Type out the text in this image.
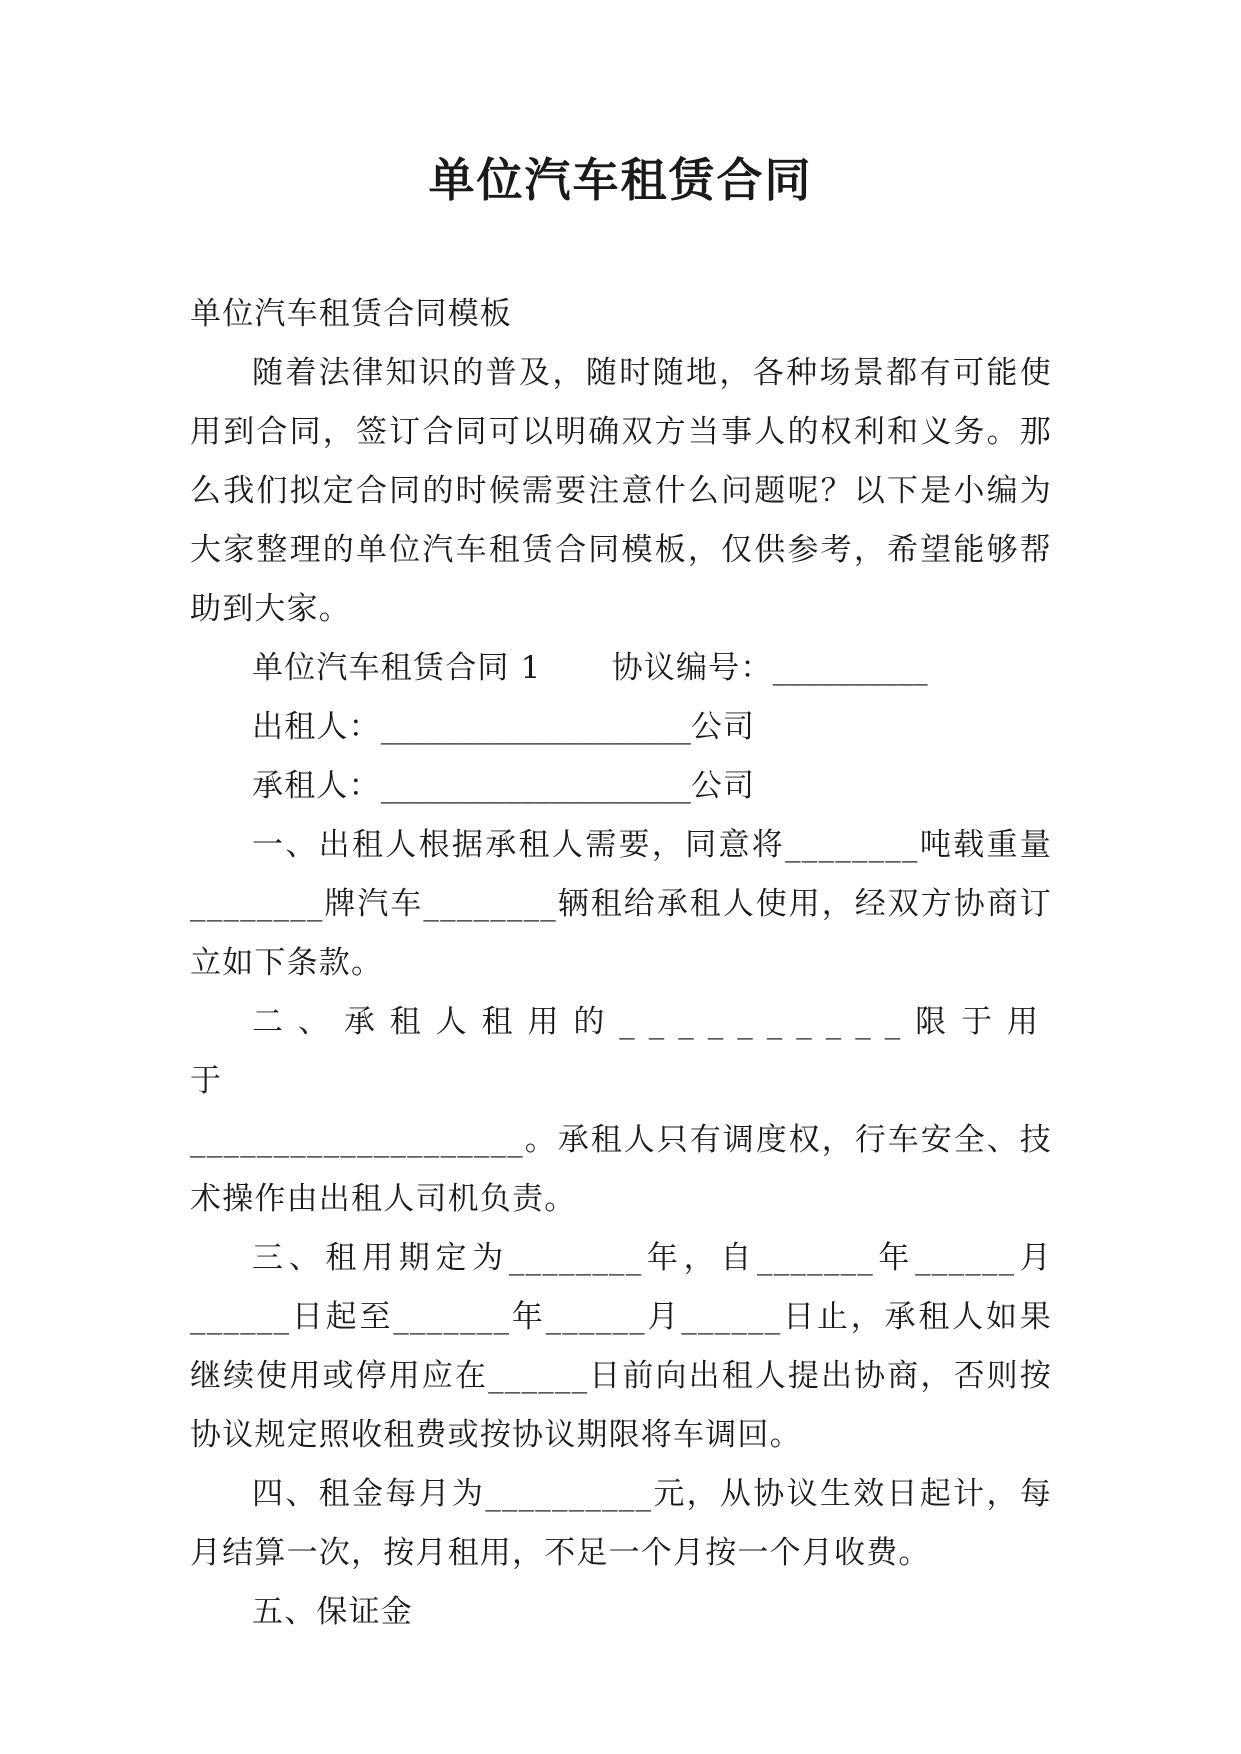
单位汽车租赁合同

单位汽车租赁合同模板

随着法律知识的普及，随时随地，各种场景都有可能使用到合同，签订合同可以明确双方当事人的权利和义务。那么我们拟定合同的时候需要注意什么问题呢？以下是小编为大家整理的单位汽车租赁合同模板，仅供参考，希望能够帮助到大家。

单位汽车租赁合同 1 协议编号：__________

出租人：____________________公司

承租人：____________________公司

一、出租人根据承租人需要，同意将________吨载重量________牌汽车________辆租给承租人使用，经双方协商订立如下条款。

二、承租人租用的__________限于用于

____________________。承租人只有调度权，行车安全、技术操作由出租人司机负责。

三、租用期定为________年，自_______年______月______日起至_______年______月______日止，承租人如果继续使用或停用应在______日前向出租人提出协商，否则按协议规定照收租费或按协议期限将车调回。

四、租金每月为__________元，从协议生效日起计，每月结算一次，按月租用，不足一个月按一个月收费。

五、保证金
